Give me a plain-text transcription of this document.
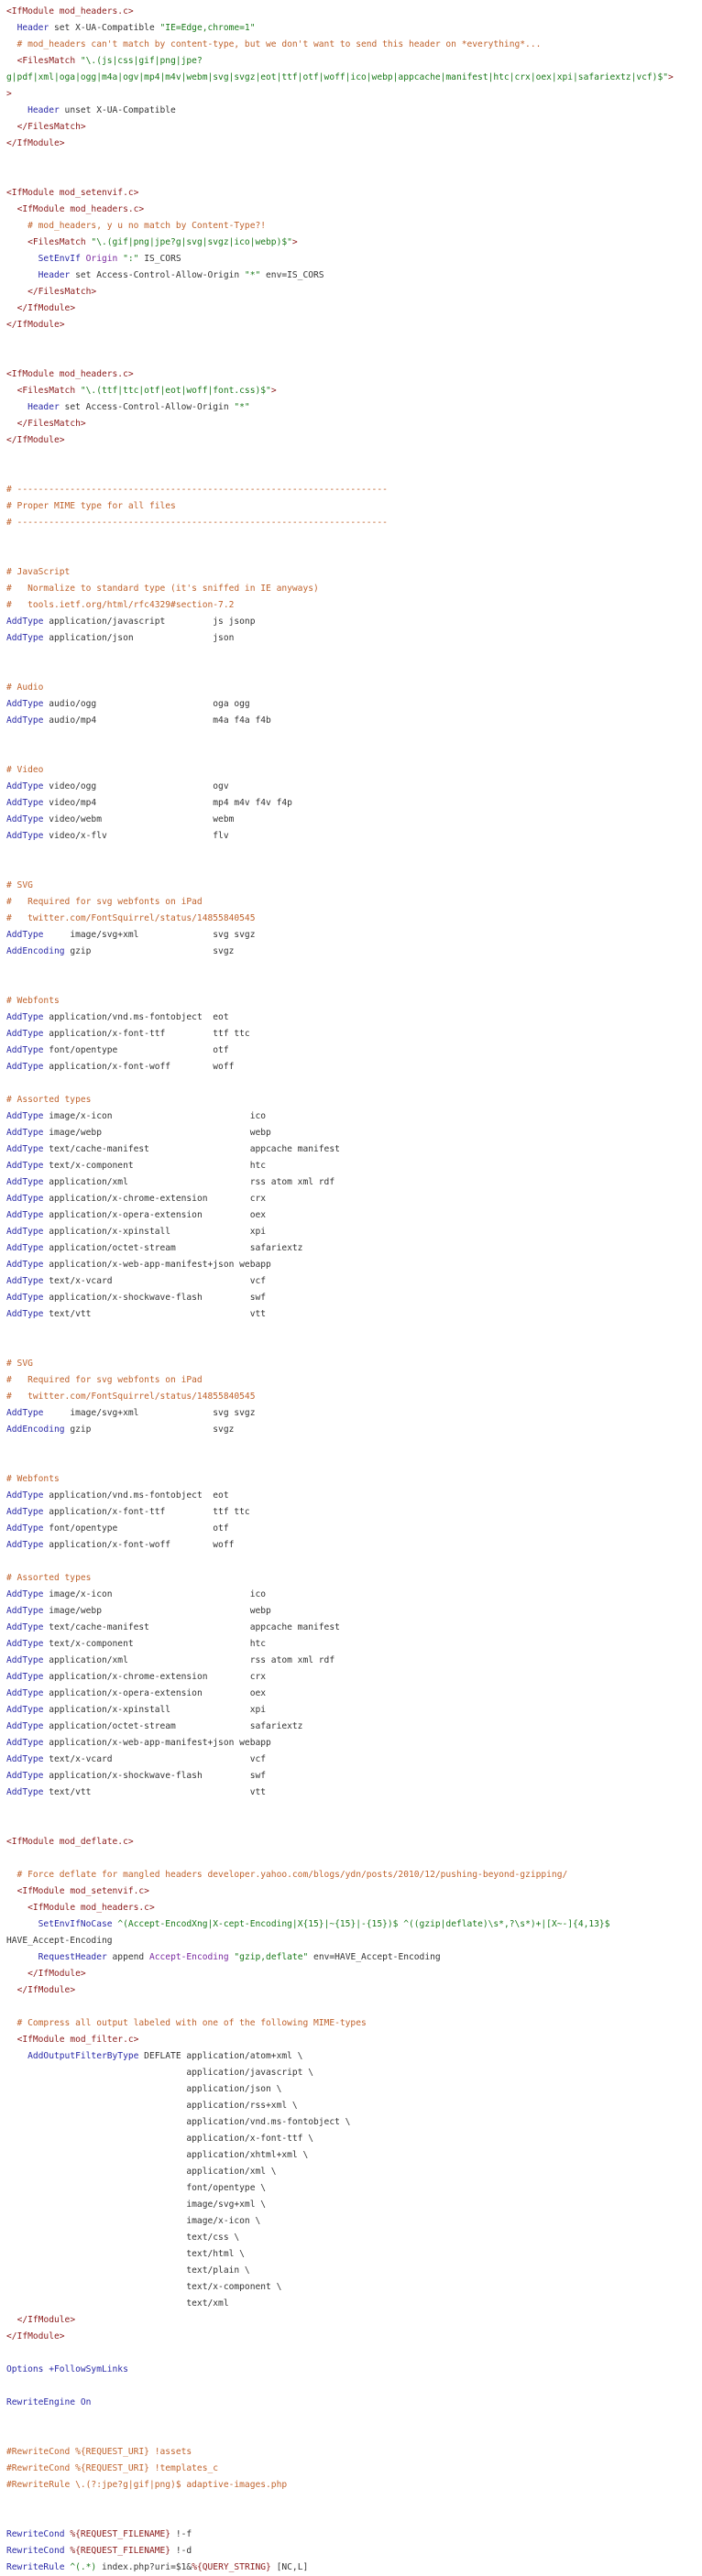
<IfModule mod_headers.c>
Header set X-UA-Compatible "IE=Edge,chrome=1"
# mod_headers can't match by content-type, but we don't want to send this header on *everything*...
<FilesMatch "\.(js|css|gif|png|jpe?
g|pdf|xml|oga|ogg|m4a|ogv|mp4|m4v|webm|svg|svgz|eot|ttf|otf|woff|ico|webp|appcache|manifest|htc|crx|oex|xpi|safariextz|vcf)$">
>
Header unset X-UA-Compatible
</FilesMatch>
</IfModule>
<IfModule mod_setenvif.c>
<IfModule mod_headers.c>
# mod_headers, y u no match by Content-Type?!
<FilesMatch "\.(gif|png|jpe?g|svg|svgz|ico|webp)$">
SetEnvIf Origin ":" IS_CORS
Header set Access-Control-Allow-Origin "*" env=IS_CORS
</FilesMatch>
</IfModule>
</IfModule>
<IfModule mod_headers.c>
<FilesMatch "\.(ttf|ttc|otf|eot|woff|font.css)$">
Header set Access-Control-Allow-Origin "*"
</FilesMatch>
</IfModule>
# ----------------------------------------------------------------------
# Proper MIME type for all files
# ----------------------------------------------------------------------
# JavaScript
#   Normalize to standard type (it's sniffed in IE anyways)
#   tools.ietf.org/html/rfc4329#section-7.2
AddType application/javascript         js jsonp
AddType application/json               json
# Audio
AddType audio/ogg                      oga ogg
AddType audio/mp4                      m4a f4a f4b
# Video
AddType video/ogg                      ogv
AddType video/mp4                      mp4 m4v f4v f4p
AddType video/webm                     webm
AddType video/x-flv                    flv
# SVG
#   Required for svg webfonts on iPad
#   twitter.com/FontSquirrel/status/14855840545
AddType     image/svg+xml              svg svgz
AddEncoding gzip                       svgz
# Webfonts
AddType application/vnd.ms-fontobject  eot
AddType application/x-font-ttf         ttf ttc
AddType font/opentype                  otf
AddType application/x-font-woff        woff
# Assorted types
AddType image/x-icon                          ico
AddType image/webp                            webp
AddType text/cache-manifest                   appcache manifest
AddType text/x-component                      htc
AddType application/xml                       rss atom xml rdf
AddType application/x-chrome-extension        crx
AddType application/x-opera-extension         oex
AddType application/x-xpinstall               xpi
AddType application/octet-stream              safariextz
AddType application/x-web-app-manifest+json webapp
AddType text/x-vcard                          vcf
AddType application/x-shockwave-flash         swf
AddType text/vtt                              vtt
# SVG
#   Required for svg webfonts on iPad
#   twitter.com/FontSquirrel/status/14855840545
AddType     image/svg+xml              svg svgz
AddEncoding gzip                       svgz
# Webfonts
AddType application/vnd.ms-fontobject  eot
AddType application/x-font-ttf         ttf ttc
AddType font/opentype                  otf
AddType application/x-font-woff        woff
# Assorted types
AddType image/x-icon                          ico
AddType image/webp                            webp
AddType text/cache-manifest                   appcache manifest
AddType text/x-component                      htc
AddType application/xml                       rss atom xml rdf
AddType application/x-chrome-extension        crx
AddType application/x-opera-extension         oex
AddType application/x-xpinstall               xpi
AddType application/octet-stream              safariextz
AddType application/x-web-app-manifest+json webapp
AddType text/x-vcard                          vcf
AddType application/x-shockwave-flash         swf
AddType text/vtt                              vtt
<IfModule mod_deflate.c>
# Force deflate for mangled headers developer.yahoo.com/blogs/ydn/posts/2010/12/pushing-beyond-gzipping/
<IfModule mod_setenvif.c>
<IfModule mod_headers.c>
SetEnvIfNoCase ^(Accept-EncodXng|X-cept-Encoding|X{15}|~{15}|-{15})$ ^((gzip|deflate)\s*,?\s*)+|[X~-]{4,13}$
HAVE_Accept-Encoding
RequestHeader append Accept-Encoding "gzip,deflate" env=HAVE_Accept-Encoding
</IfModule>
</IfModule>
# Compress all output labeled with one of the following MIME-types
<IfModule mod_filter.c>
AddOutputFilterByType DEFLATE application/atom+xml \
application/javascript \
application/json \
application/rss+xml \
application/vnd.ms-fontobject \
application/x-font-ttf \
application/xhtml+xml \
application/xml \
font/opentype \
image/svg+xml \
image/x-icon \
text/css \
text/html \
text/plain \
text/x-component \
text/xml
</IfModule>
</IfModule>
Options +FollowSymLinks
RewriteEngine On
#RewriteCond %{REQUEST_URI} !assets
#RewriteCond %{REQUEST_URI} !templates_c
#RewriteRule \.(?:jpe?g|gif|png)$ adaptive-images.php
RewriteCond %{REQUEST_FILENAME} !-f
RewriteCond %{REQUEST_FILENAME} !-d
RewriteRule ^(.*) index.php?uri=$1&%{QUERY_STRING} [NC,L]
